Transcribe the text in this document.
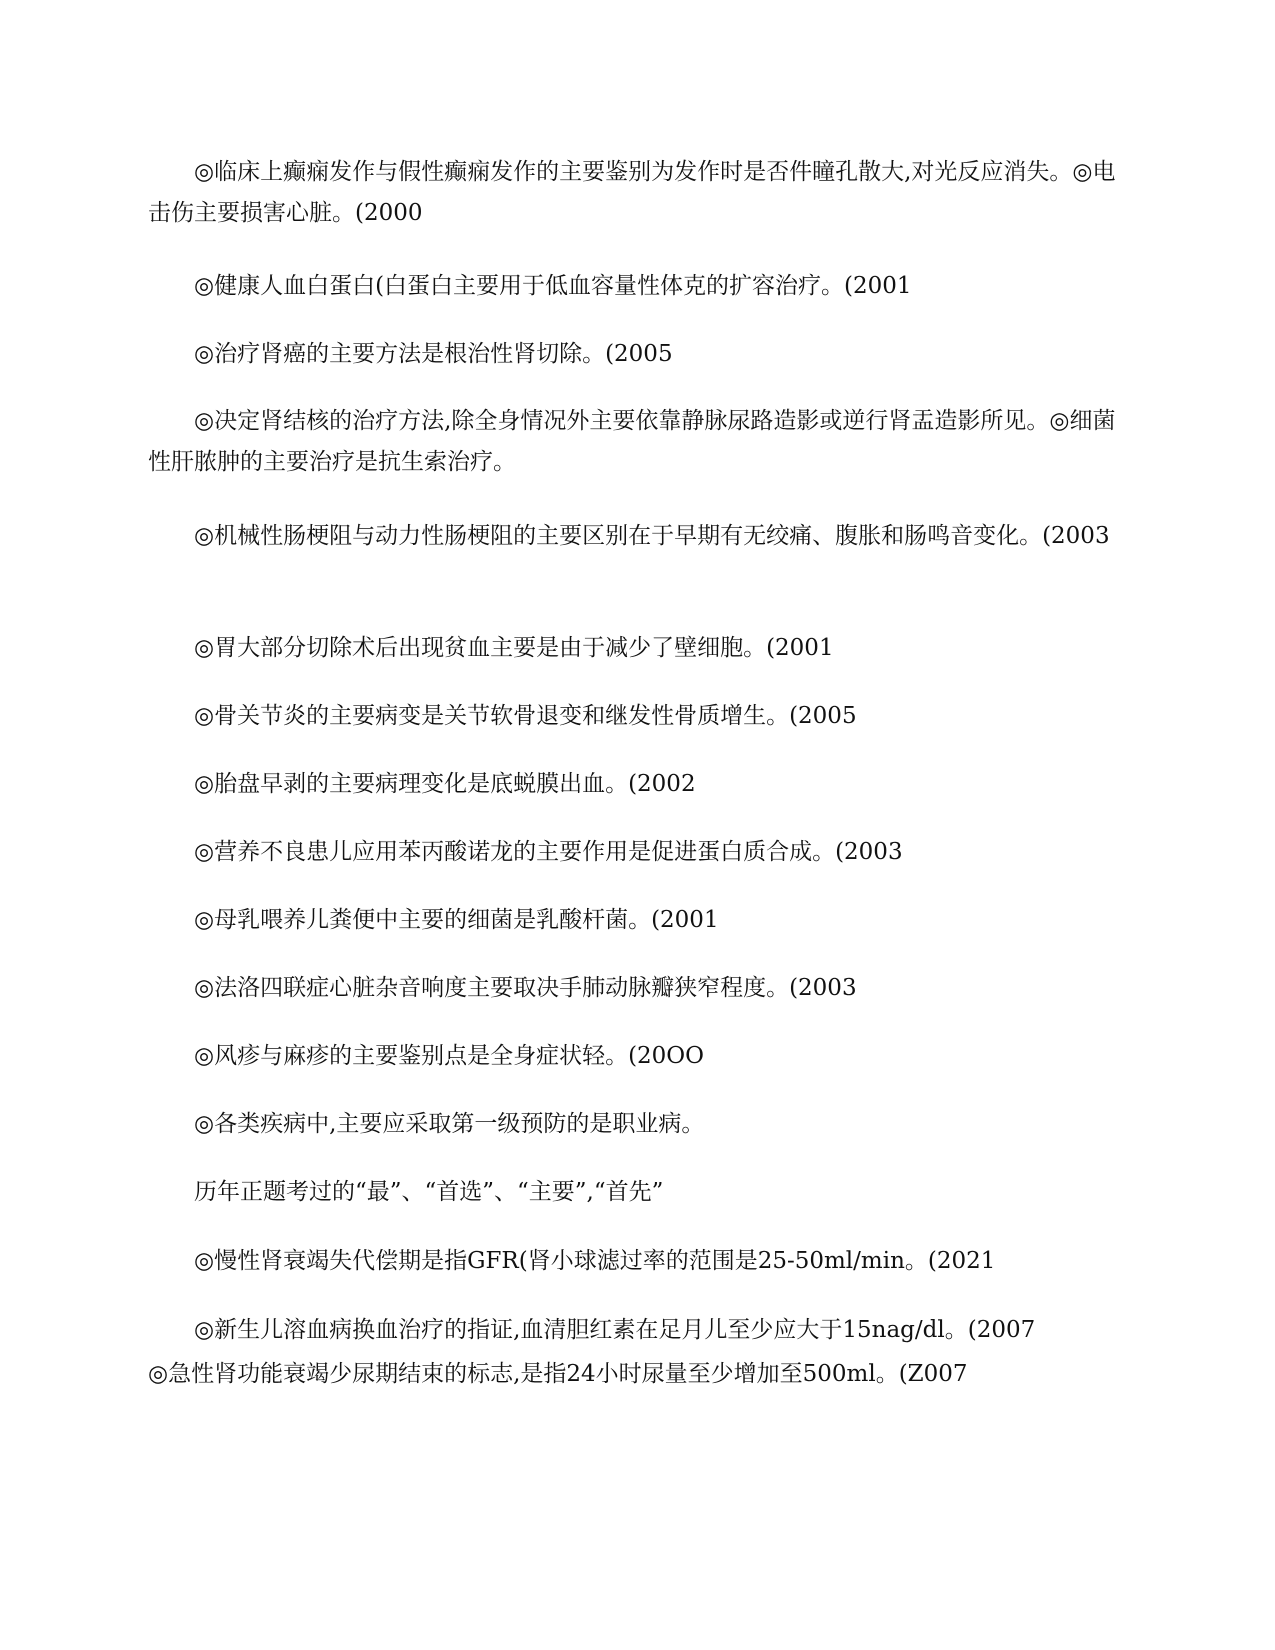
◎临床上癫痫发作与假性癫痫发作的主要鉴别为发作时是否件瞳孔散大,对光反应消失。◎电击伤主要损害心脏。(2000

◎健康人血白蛋白(白蛋白主要用于低血容量性体克的扩容治疗。(2001

◎治疗肾癌的主要方法是根治性肾切除。(2005

◎决定肾结核的治疗方法,除全身情况外主要依靠静脉尿路造影或逆行肾盂造影所见。◎细菌性肝脓肿的主要治疗是抗生索治疗。

◎机械性肠梗阻与动力性肠梗阻的主要区别在于早期有无绞痛、腹胀和肠鸣音变化。(2003

◎胃大部分切除术后出现贫血主要是由于减少了壁细胞。(2001

◎骨关节炎的主要病变是关节软骨退变和继发性骨质增生。(2005

◎胎盘早剥的主要病理变化是底蜕膜出血。(2002

◎营养不良患儿应用苯丙酸诺龙的主要作用是促进蛋白质合成。(2003

◎母乳喂养儿粪便中主要的细菌是乳酸杆菌。(2001

◎法洛四联症心脏杂音响度主要取决手肺动脉瓣狭窄程度。(2003

◎风疹与麻疹的主要鉴别点是全身症状轻。(20OO

◎各类疾病中,主要应采取第一级预防的是职业病。

历年正题考过的“最”、“首选”、“主要”,“首先”

◎慢性肾衰竭失代偿期是指GFR(肾小球滤过率的范围是25-50ml/min。(2021

◎新生儿溶血病换血治疗的指证,血清胆红素在足月儿至少应大于15nag/dl。(2007

◎急性肾功能衰竭少尿期结束的标志,是指24小时尿量至少增加至500ml。(Z007
